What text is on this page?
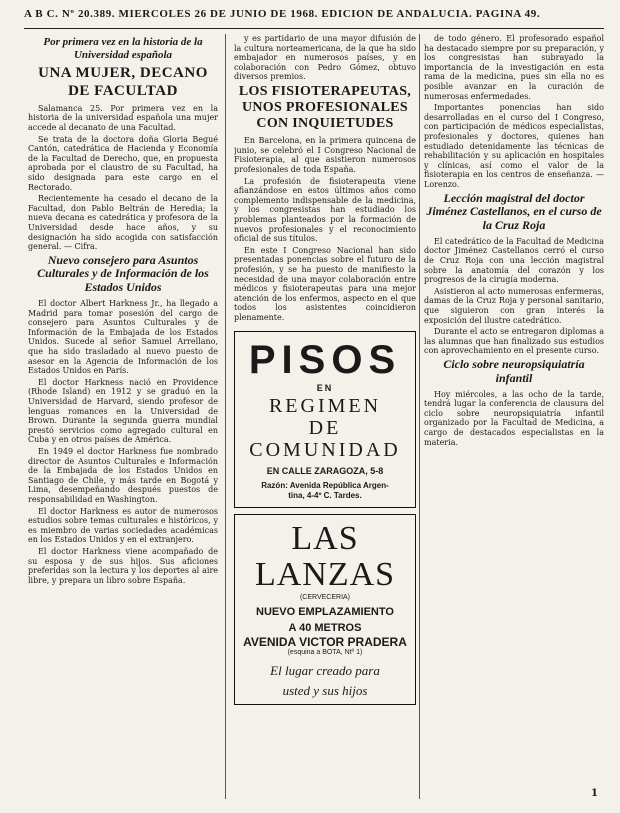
A B C. Nº 20.389. MIERCOLES 26 DE JUNIO DE 1968. EDICION DE ANDALUCIA. PAGINA 49.
Por primera vez en la historia de la Universidad española
UNA MUJER, DECANO DE FACULTAD

Salamanca 25. Por primera vez en la historia de la universidad española una mujer accede al decanato de una Facultad.

Se trata de la doctora doña Gloria Begué Cantón, catedrática de Hacienda y Economía de la Facultad de Derecho, que, en propuesta aprobada por el claustro de su Facultad, ha sido designada para este cargo en el Rectorado.

Recientemente ha cesado el decano de la Facultad, don Pablo Beltrán de Heredia; la nueva decana es catedrática y profesora de la Universidad desde hace años, y su designación ha sido acogida con satisfacción general. — Cifra.

Nuevo consejero para Asuntos Culturales y de Información de los Estados Unidos

El doctor Albert Harkness Jr., ha llegado a Madrid para tomar posesión del cargo de consejero para Asuntos Culturales y de Información de la Embajada de los Estados Unidos. Sucede al señor Samuel Arrellano, que ha sido trasladado al nuevo puesto de asesor en la Agencia de Información de los Estados Unidos en París.

El doctor Harkness nació en Providence (Rhode Island) en 1912 y se graduó en la Universidad de Harvard, siendo profesor de lenguas romances en la Universidad de Brown. Durante la segunda guerra mundial prestó servicios como agregado cultural en Cuba y en otros países de América.

En 1949 el doctor Harkness fue nombrado director de Asuntos Culturales e Información de la Embajada de los Estados Unidos en Santiago de Chile, y más tarde en Bogotá y Lima, desempeñando después puestos de responsabilidad en Washington.

El doctor Harkness es autor de numerosos estudios sobre temas culturales e históricos, y es miembro de varias sociedades académicas en los Estados Unidos y en el extranjero.

El doctor Harkness viene acompañado de su esposa y de sus hijos. Sus aficiones preferidas son la lectura y los deportes al aire libre, y prepara un libro sobre España.

y es partidario de una mayor difusión de la cultura norteamericana, de la que ha sido embajador en numerosos países, y en colaboración con Pedro Gómez, obtuvo diversos premios.

LOS FISIOTERAPEUTAS, UNOS PROFESIONALES CON INQUIETUDES

En Barcelona, en la primera quincena de junio, se celebró el I Congreso Nacional de Fisioterapia, al que asistieron numerosos profesionales de toda España.

La profesión de fisioterapeuta viene afianzándose en estos últimos años como complemento indispensable de la medicina, y los congresistas han estudiado los problemas planteados por la formación de nuevos profesionales y el reconocimiento oficial de sus títulos.

En este I Congreso Nacional han sido presentadas ponencias sobre el futuro de la profesión, y se ha puesto de manifiesto la necesidad de una mayor colaboración entre médicos y fisioterapeutas para una mejor atención de los enfermos, aspecto en el que todos los asistentes coincidieron plenamente.

PISOS
EN
REGIMEN
DE COMUNIDAD
EN CALLE ZARAGOZA, 5-8
Razón: Avenida República Argen-
tina, 4-4º C. Tardes.
LAS LANZAS
(CERVECERIA)
NUEVO EMPLAZAMIENTO
A 40 METROS
AVENIDA VICTOR PRADERA
(esquina a BOTA, Ntº 1)
El lugar creado para
usted y sus hijos

de todo género. El profesorado español ha destacado siempre por su preparación, y los congresistas han subrayado la importancia de la investigación en esta rama de la medicina, pues sin ella no es posible avanzar en la curación de numerosas enfermedades.

Importantes ponencias han sido desarrolladas en el curso del I Congreso, con participación de médicos especialistas, profesionales y doctores, quienes han estudiado detenidamente las técnicas de rehabilitación y su aplicación en hospitales y clínicas, así como el valor de la fisioterapia en los centros de enseñanza. — Lorenzo.

Lección magistral del doctor Jiménez Castellanos, en el curso de la Cruz Roja

El catedrático de la Facultad de Medicina doctor Jiménez Castellanos cerró el curso de Cruz Roja con una lección magistral sobre la anatomía del corazón y los progresos de la cirugía moderna.

Asistieron al acto numerosas enfermeras, damas de la Cruz Roja y personal sanitario, que siguieron con gran interés la exposición del ilustre catedrático.

Durante el acto se entregaron diplomas a las alumnas que han finalizado sus estudios con aprovechamiento en el presente curso.

Ciclo sobre neuropsiquiatría infantil

Hoy miércoles, a las ocho de la tarde, tendrá lugar la conferencia de clausura del ciclo sobre neuropsiquiatría infantil organizado por la Facultad de Medicina, a cargo de destacados especialistas en la materia.

1
